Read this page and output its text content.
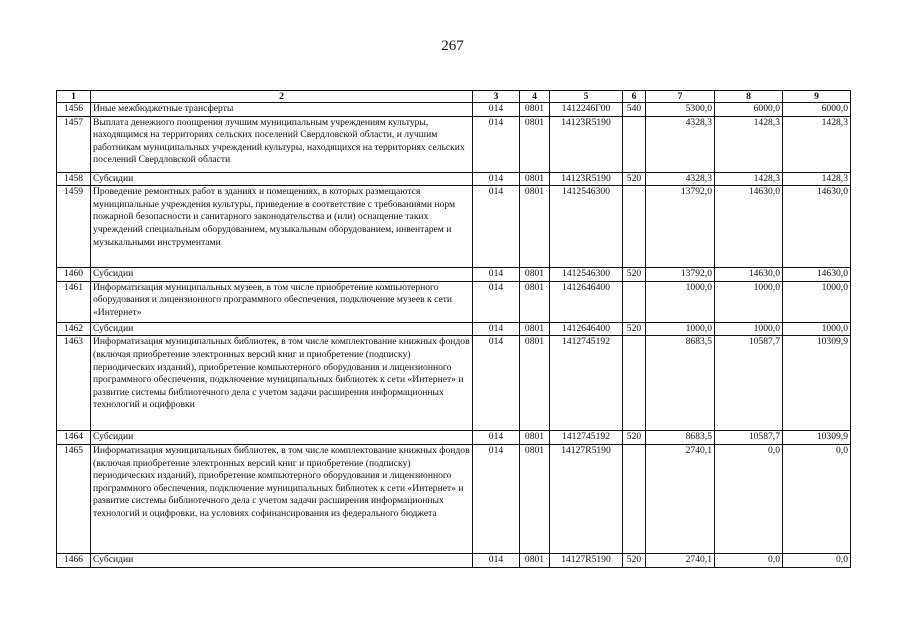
267
1	2	3	4	5	6	7	8	9
1456	Иные межбюджетные трансферты	014	0801	1412246Г00	540	5300,0	6000,0	6000,0
1457	Выплата денежного поощрения лучшим муниципальным учреждениям культуры, находящимся на территориях сельских поселений Свердловской области, и лучшим работникам муниципальных учреждений культуры, находящихся на территориях сельских поселений Свердловской области	014	0801	14123R5190		4328,3	1428,3	1428,3
1458	Субсидии	014	0801	14123R5190	520	4328,3	1428,3	1428,3
1459	Проведение ремонтных работ в зданиях и помещениях, в которых размещаются муниципальные учреждения культуры, приведение в соответствие с требованиями норм пожарной безопасности и санитарного законодательства и (или) оснащение таких учреждений специальным оборудованием, музыкальным оборудованием, инвентарем и музыкальными инструментами	014	0801	1412546300		13792,0	14630,0	14630,0
1460	Субсидии	014	0801	1412546300	520	13792,0	14630,0	14630,0
1461	Информатизация муниципальных музеев, в том числе приобретение компьютерного оборудования и лицензионного программного обеспечения, подключение музеев к сети «Интернет»	014	0801	1412646400		1000,0	1000,0	1000,0
1462	Субсидии	014	0801	1412646400	520	1000,0	1000,0	1000,0
1463	Информатизация муниципальных библиотек, в том числе комплектование книжных фондов (включая приобретение электронных версий книг и приобретение (подписку) периодических изданий), приобретение компьютерного оборудования и лицензионного программного обеспечения, подключение муниципальных библиотек к сети «Интернет» и развитие системы библиотечного дела с учетом задачи расширения информационных технологий и оцифровки	014	0801	1412745192		8683,5	10587,7	10309,9
1464	Субсидии	014	0801	1412745192	520	8683,5	10587,7	10309,9
1465	Информатизация муниципальных библиотек, в том числе комплектование книжных фондов (включая приобретение электронных версий книг и приобретение (подписку) периодических изданий), приобретение компьютерного оборудования и лицензионного программного обеспечения, подключение муниципальных библиотек к сети «Интернет» и развитие системы библиотечного дела с учетом задачи расширения информационных технологий и оцифровки, на условиях софинансирования из федерального бюджета	014	0801	14127R5190		2740,1	0,0	0,0
1466	Субсидии	014	0801	14127R5190	520	2740,1	0,0	0,0
